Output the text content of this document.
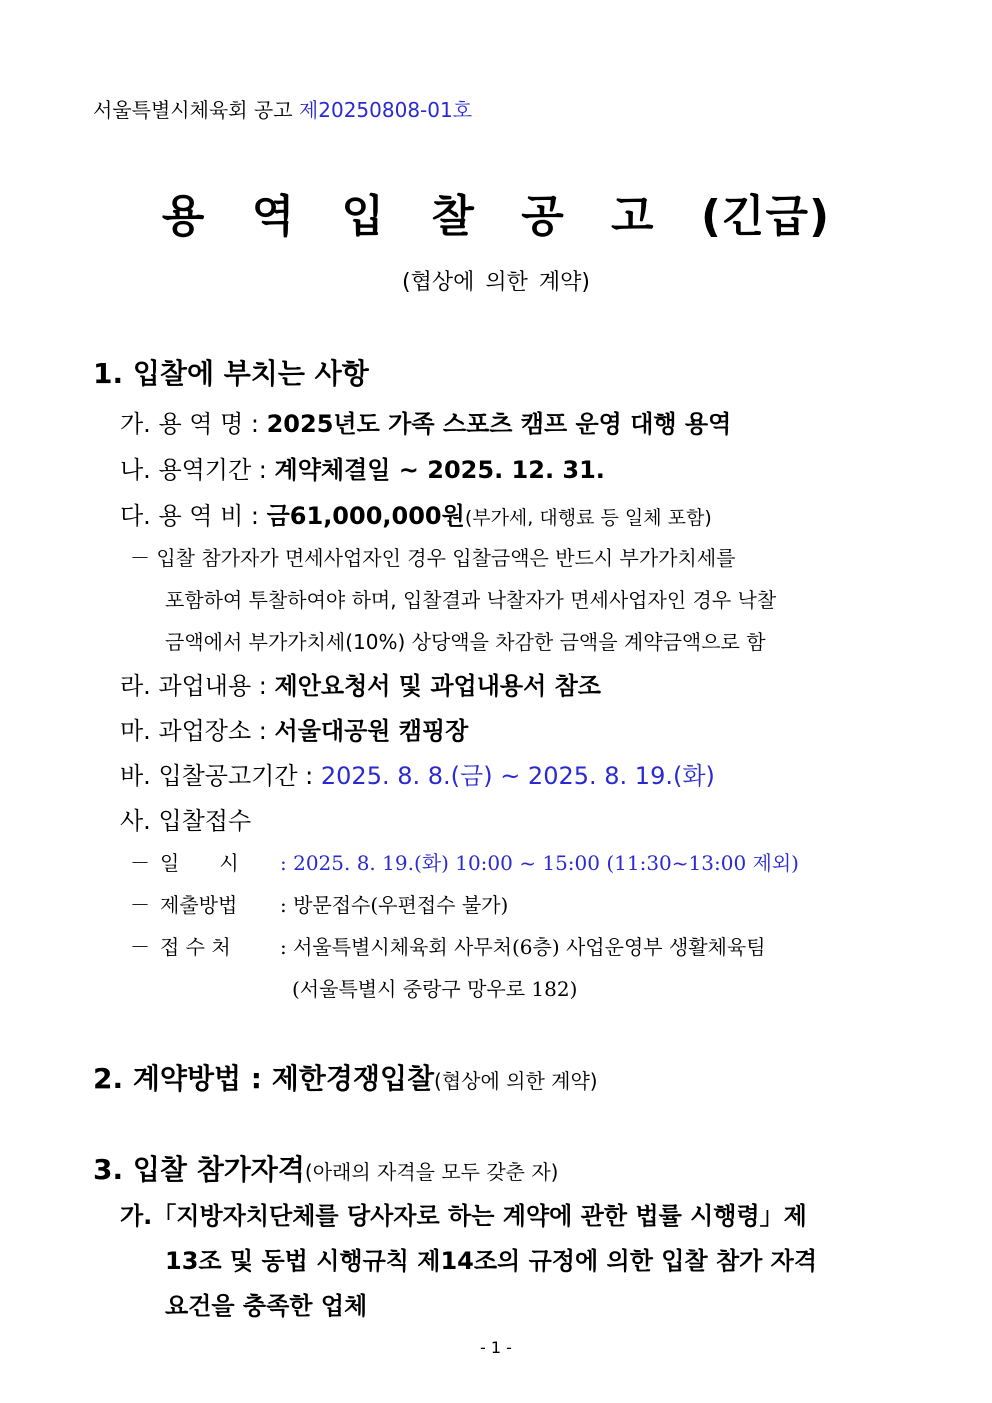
서울특별시체육회 공고 제20250808-01호
용 역 입 찰 공 고 (긴급)
(협상에 의한 계약)
1. 입찰에 부치는 사항
가. 용 역 명 : 2025년도 가족 스포츠 캠프 운영 대행 용역
나. 용역기간 : 계약체결일 ~ 2025. 12. 31.
다. 용 역 비 : 금61,000,000원(부가세, 대행료 등 일체 포함)
－ 입찰 참가자가 면세사업자인 경우 입찰금액은 반드시 부가가치세를
포함하여 투찰하여야 하며, 입찰결과 낙찰자가 면세사업자인 경우 낙찰
금액에서 부가가치세(10%) 상당액을 차감한 금액을 계약금액으로 함
라. 과업내용 : 제안요청서 및 과업내용서 참조
마. 과업장소 : 서울대공원 캠핑장
바. 입찰공고기간 : 2025. 8. 8.(금) ~ 2025. 8. 19.(화)
사. 입찰접수
－ 일　　시 : 2025. 8. 19.(화) 10:00 ~ 15:00 (11:30~13:00 제외)
－ 제출방법 : 방문접수(우편접수 불가)
－ 접 수 처 : 서울특별시체육회 사무처(6층) 사업운영부 생활체육팀
(서울특별시 중랑구 망우로 182)
2. 계약방법 : 제한경쟁입찰(협상에 의한 계약)
3. 입찰 참가자격(아래의 자격을 모두 갖춘 자)
가.「지방자치단체를 당사자로 하는 계약에 관한 법률 시행령」제
13조 및 동법 시행규칙 제14조의 규정에 의한 입찰 참가 자격
요건을 충족한 업체
- 1 -
